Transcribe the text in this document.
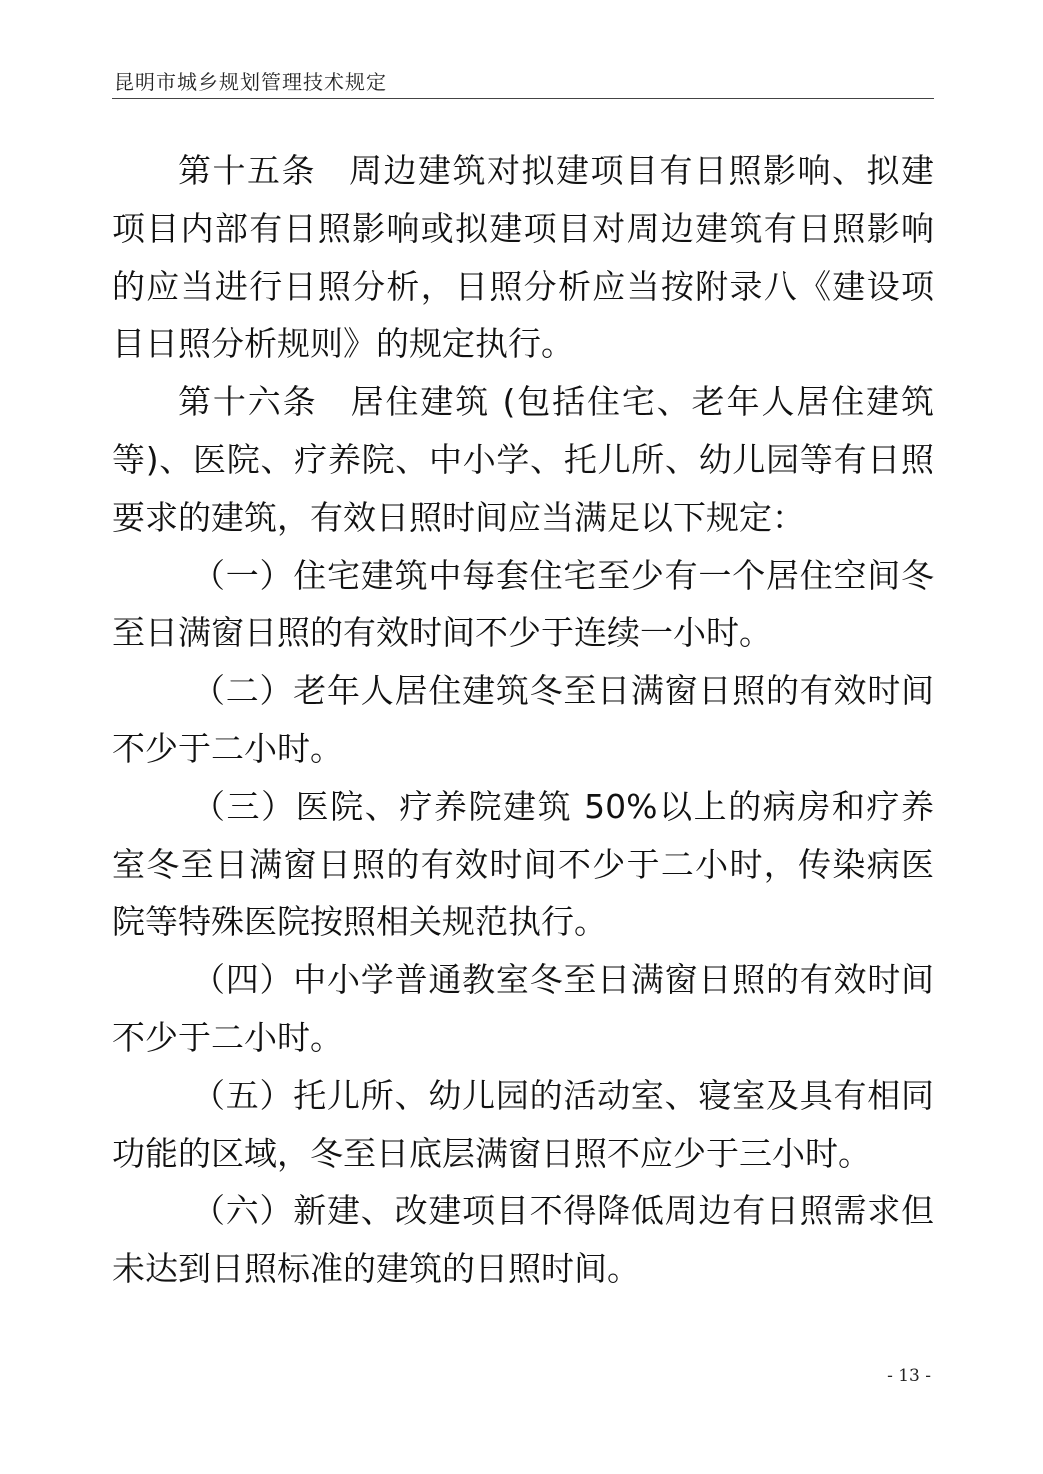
昆明市城乡规划管理技术规定

第十五条 周边建筑对拟建项目有日照影响、拟建项目内部有日照影响或拟建项目对周边建筑有日照影响的应当进行日照分析，日照分析应当按附录八《建设项目日照分析规则》的规定执行。

第十六条 居住建筑 (包括住宅、老年人居住建筑等)、医院、疗养院、中小学、托儿所、幼儿园等有日照要求的建筑，有效日照时间应当满足以下规定：

（一）住宅建筑中每套住宅至少有一个居住空间冬至日满窗日照的有效时间不少于连续一小时。

（二）老年人居住建筑冬至日满窗日照的有效时间不少于二小时。

（三）医院、疗养院建筑 50%以上的病房和疗养室冬至日满窗日照的有效时间不少于二小时，传染病医院等特殊医院按照相关规范执行。

（四）中小学普通教室冬至日满窗日照的有效时间不少于二小时。

（五）托儿所、幼儿园的活动室、寝室及具有相同功能的区域，冬至日底层满窗日照不应少于三小时。

（六）新建、改建项目不得降低周边有日照需求但未达到日照标准的建筑的日照时间。

- 13 -
